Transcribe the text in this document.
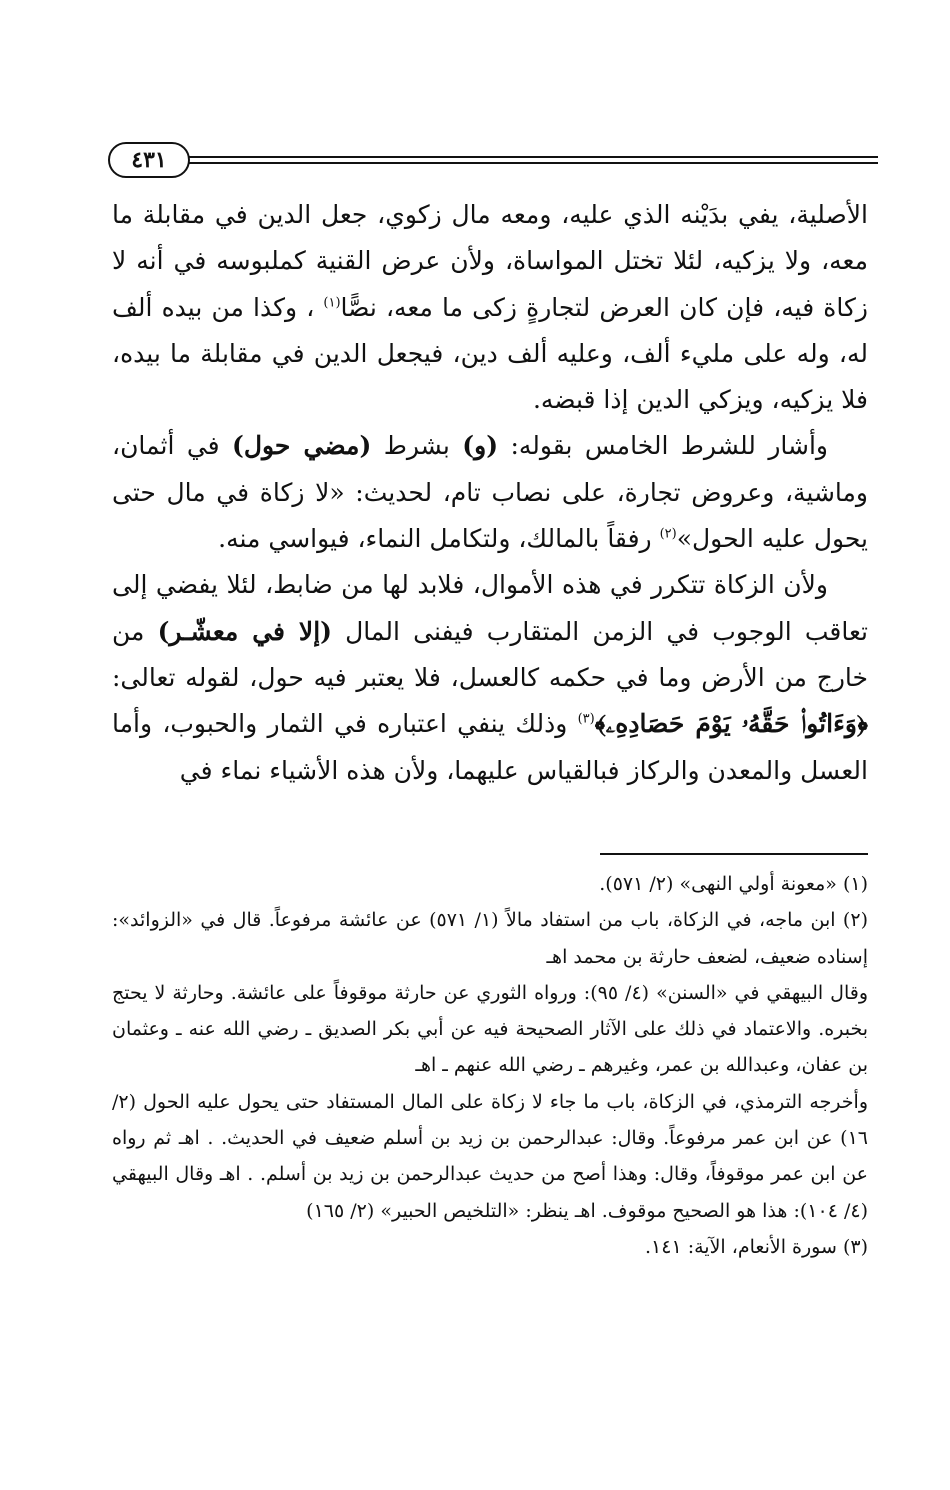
٤٣١

الأصلية، يفي بدَيْنه الذي عليه، ومعه مال زكوي، جعل الدين في مقابلة ما معه، ولا يزكيه، لئلا تختل المواساة، ولأن عرض القنية كملبوسه في أنه لا زكاة فيه، فإن كان العرض لتجارةٍ زكى ما معه، نصًّا$^{(١)}$ ، وكذا من بيده ألف له، وله على مليء ألف، وعليه ألف دين، فيجعل الدين في مقابلة ما بيده، فلا يزكيه، ويزكي الدين إذا قبضه.

وأشار للشرط الخامس بقوله: (و) بشرط (مضي حول) في أثمان، وماشية، وعروض تجارة، على نصاب تام، لحديث: «لا زكاة في مال حتى يحول عليه الحول»$^{(٢)}$ رفقاً بالمالك، ولتكامل النماء، فيواسي منه.

ولأن الزكاة تتكرر في هذه الأموال، فلابد لها من ضابط، لئلا يفضي إلى تعاقب الوجوب في الزمن المتقارب فيفنى المال (إلا في معشّـر) من خارج من الأرض وما في حكمه كالعسل، فلا يعتبر فيه حول، لقوله تعالى: ﴿وَءَاتُوا۟ حَقَّهُۥ يَوْمَ حَصَادِهِۦ﴾$^{(٣)}$ وذلك ينفي اعتباره في الثمار والحبوب، وأما العسل والمعدن والركاز فبالقياس عليهما، ولأن هذه الأشياء نماء في

(١) «معونة أولي النهى» (٢/ ٥٧١).

(٢) ابن ماجه، في الزكاة، باب من استفاد مالاً (١/ ٥٧١) عن عائشة مرفوعاً. قال في «الزوائد»: إسناده ضعيف، لضعف حارثة بن محمد اهـ

وقال البيهقي في «السنن» (٤/ ٩٥): ورواه الثوري عن حارثة موقوفاً على عائشة. وحارثة لا يحتج بخبره. والاعتماد في ذلك على الآثار الصحيحة فيه عن أبي بكر الصديق ـ رضي الله عنه ـ وعثمان بن عفان، وعبدالله بن عمر، وغيرهم ـ رضي الله عنهم ـ اهـ

وأخرجه الترمذي، في الزكاة، باب ما جاء لا زكاة على المال المستفاد حتى يحول عليه الحول (٢/ ١٦) عن ابن عمر مرفوعاً. وقال: عبدالرحمن بن زيد بن أسلم ضعيف في الحديث. . اهـ ثم رواه عن ابن عمر موقوفاً، وقال: وهذا أصح من حديث عبدالرحمن بن زيد بن أسلم. . اهـ وقال البيهقي (٤/ ١٠٤): هذا هو الصحيح موقوف. اهـ ينظر: «التلخيص الحبير» (٢/ ١٦٥)

(٣) سورة الأنعام، الآية: ١٤١.
